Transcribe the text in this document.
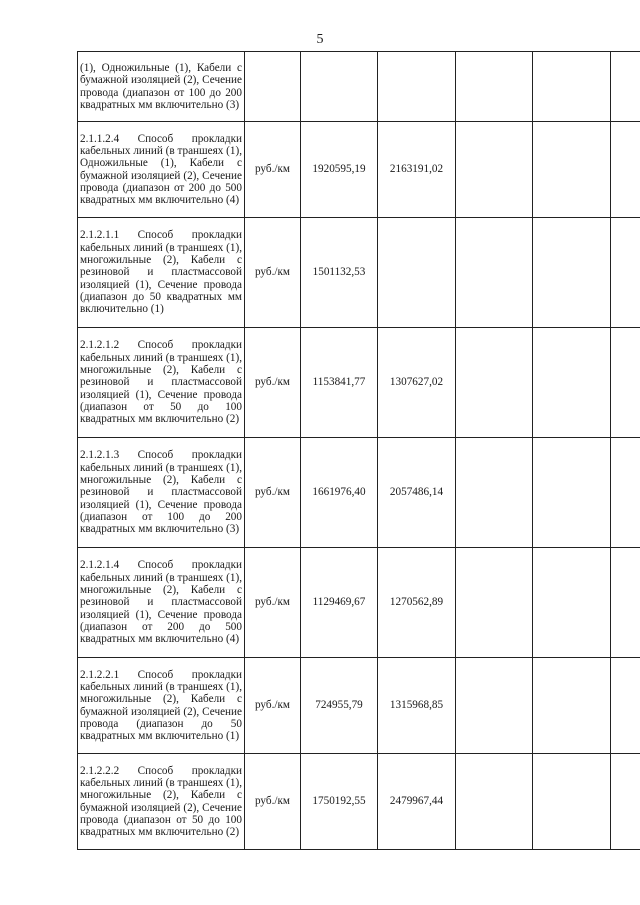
5
(1), Одножильные (1), Кабели с бумажной изоляцией (2), Сечение провода (диапазон от 100 до 200 квадратных мм включительно (3)						
2.1.1.2.4 Способ прокладки кабельных линий (в траншеях (1), Одножильные (1), Кабели с бумажной изоляцией (2), Сечение провода (диапазон от 200 до 500 квадратных мм включительно (4)	руб./км	1920595,19	2163191,02			
2.1.2.1.1 Способ прокладки кабельных линий (в траншеях (1), многожильные (2), Кабели с резиновой и пластмассовой изоляцией (1), Сечение провода (диапазон до 50 квадратных мм включительно (1)	руб./км	1501132,53				
2.1.2.1.2 Способ прокладки кабельных линий (в траншеях (1), многожильные (2), Кабели с резиновой и пластмассовой изоляцией (1), Сечение провода (диапазон от 50 до 100 квадратных мм включительно (2)	руб./км	1153841,77	1307627,02			
2.1.2.1.3 Способ прокладки кабельных линий (в траншеях (1), многожильные (2), Кабели с резиновой и пластмассовой изоляцией (1), Сечение провода (диапазон от 100 до 200 квадратных мм включительно (3)	руб./км	1661976,40	2057486,14			
2.1.2.1.4 Способ прокладки кабельных линий (в траншеях (1), многожильные (2), Кабели с резиновой и пластмассовой изоляцией (1), Сечение провода (диапазон от 200 до 500 квадратных мм включительно (4)	руб./км	1129469,67	1270562,89			
2.1.2.2.1 Способ прокладки кабельных линий (в траншеях (1), многожильные (2), Кабели с бумажной изоляцией (2), Сечение провода (диапазон до 50 квадратных мм включительно (1)	руб./км	724955,79	1315968,85			
2.1.2.2.2 Способ прокладки кабельных линий (в траншеях (1), многожильные (2), Кабели с бумажной изоляцией (2), Сечение провода (диапазон от 50 до 100 квадратных мм включительно (2)	руб./км	1750192,55	2479967,44			
